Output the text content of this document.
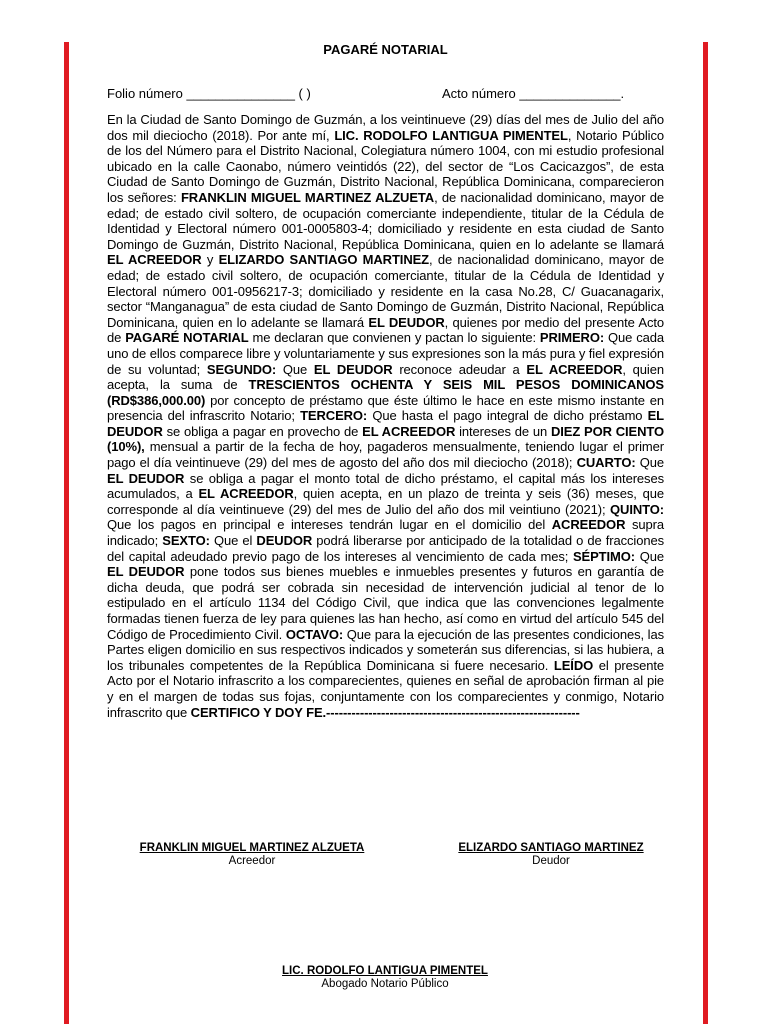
PAGARÉ NOTARIAL
Folio número _______________ ( )	Acto número ______________.

En la Ciudad de Santo Domingo de Guzmán, a los veintinueve (29) días del mes de Julio del año dos mil dieciocho (2018). Por ante mí, LIC. RODOLFO LANTIGUA PIMENTEL, Notario Público de los del Número para el Distrito Nacional, Colegiatura número 1004, con mi estudio profesional ubicado en la calle Caonabo, número veintidós (22), del sector de “Los Cacicazgos”, de esta Ciudad de Santo Domingo de Guzmán, Distrito Nacional, República Dominicana, comparecieron los señores: FRANKLIN MIGUEL MARTINEZ ALZUETA, de nacionalidad dominicano, mayor de edad; de estado civil soltero, de ocupación comerciante independiente, titular de la Cédula de Identidad y Electoral número 001-0005803-4; domiciliado y residente en esta ciudad de Santo Domingo de Guzmán, Distrito Nacional, República Dominicana, quien en lo adelante se llamará EL ACREEDOR y ELIZARDO SANTIAGO MARTINEZ, de nacionalidad dominicano, mayor de edad; de estado civil soltero, de ocupación comerciante, titular de la Cédula de Identidad y Electoral número 001-0956217-3; domiciliado y residente en la casa No.28, C/ Guacanagarix, sector “Manganagua” de esta ciudad de Santo Domingo de Guzmán, Distrito Nacional, República Dominicana, quien en lo adelante se llamará EL DEUDOR, quienes por medio del presente Acto de PAGARÉ NOTARIAL me declaran que convienen y pactan lo siguiente: PRIMERO: Que cada uno de ellos comparece libre y voluntariamente y sus expresiones son la más pura y fiel expresión de su voluntad; SEGUNDO: Que EL DEUDOR reconoce adeudar a EL ACREEDOR, quien acepta, la suma de TRESCIENTOS OCHENTA Y SEIS MIL PESOS DOMINICANOS (RD$386,000.00) por concepto de préstamo que éste último le hace en este mismo instante en presencia del infrascrito Notario; TERCERO: Que hasta el pago integral de dicho préstamo EL DEUDOR se obliga a pagar en provecho de EL ACREEDOR intereses de un DIEZ POR CIENTO (10%), mensual a partir de la fecha de hoy, pagaderos mensualmente, teniendo lugar el primer pago el día veintinueve (29) del mes de agosto del año dos mil dieciocho (2018); CUARTO: Que EL DEUDOR se obliga a pagar el monto total de dicho préstamo, el capital más los intereses acumulados, a EL ACREEDOR, quien acepta, en un plazo de treinta y seis (36) meses, que corresponde al día veintinueve (29) del mes de Julio del año dos mil veintiuno (2021); QUINTO: Que los pagos en principal e intereses tendrán lugar en el domicilio del ACREEDOR supra indicado; SEXTO: Que el DEUDOR podrá liberarse por anticipado de la totalidad o de fracciones del capital adeudado previo pago de los intereses al vencimiento de cada mes; SÉPTIMO: Que EL DEUDOR pone todos sus bienes muebles e inmuebles presentes y futuros en garantía de dicha deuda, que podrá ser cobrada sin necesidad de intervención judicial al tenor de lo estipulado en el artículo 1134 del Código Civil, que indica que las convenciones legalmente formadas tienen fuerza de ley para quienes las han hecho, así como en virtud del artículo 545 del Código de Procedimiento Civil. OCTAVO: Que para la ejecución de las presentes condiciones, las Partes eligen domicilio en sus respectivos indicados y someterán sus diferencias, si las hubiera, a los tribunales competentes de la República Dominicana si fuere necesario. LEÍDO el presente Acto por el Notario infrascrito a los comparecientes, quienes en señal de aprobación firman al pie y en el margen de todas sus fojas, conjuntamente con los comparecientes y conmigo, Notario infrascrito que CERTIFICO Y DOY FE.------------------------------------------------------------

FRANKLIN MIGUEL MARTINEZ ALZUETA
Acreedor
ELIZARDO SANTIAGO MARTINEZ
Deudor
LIC. RODOLFO LANTIGUA PIMENTEL
Abogado Notario Público
